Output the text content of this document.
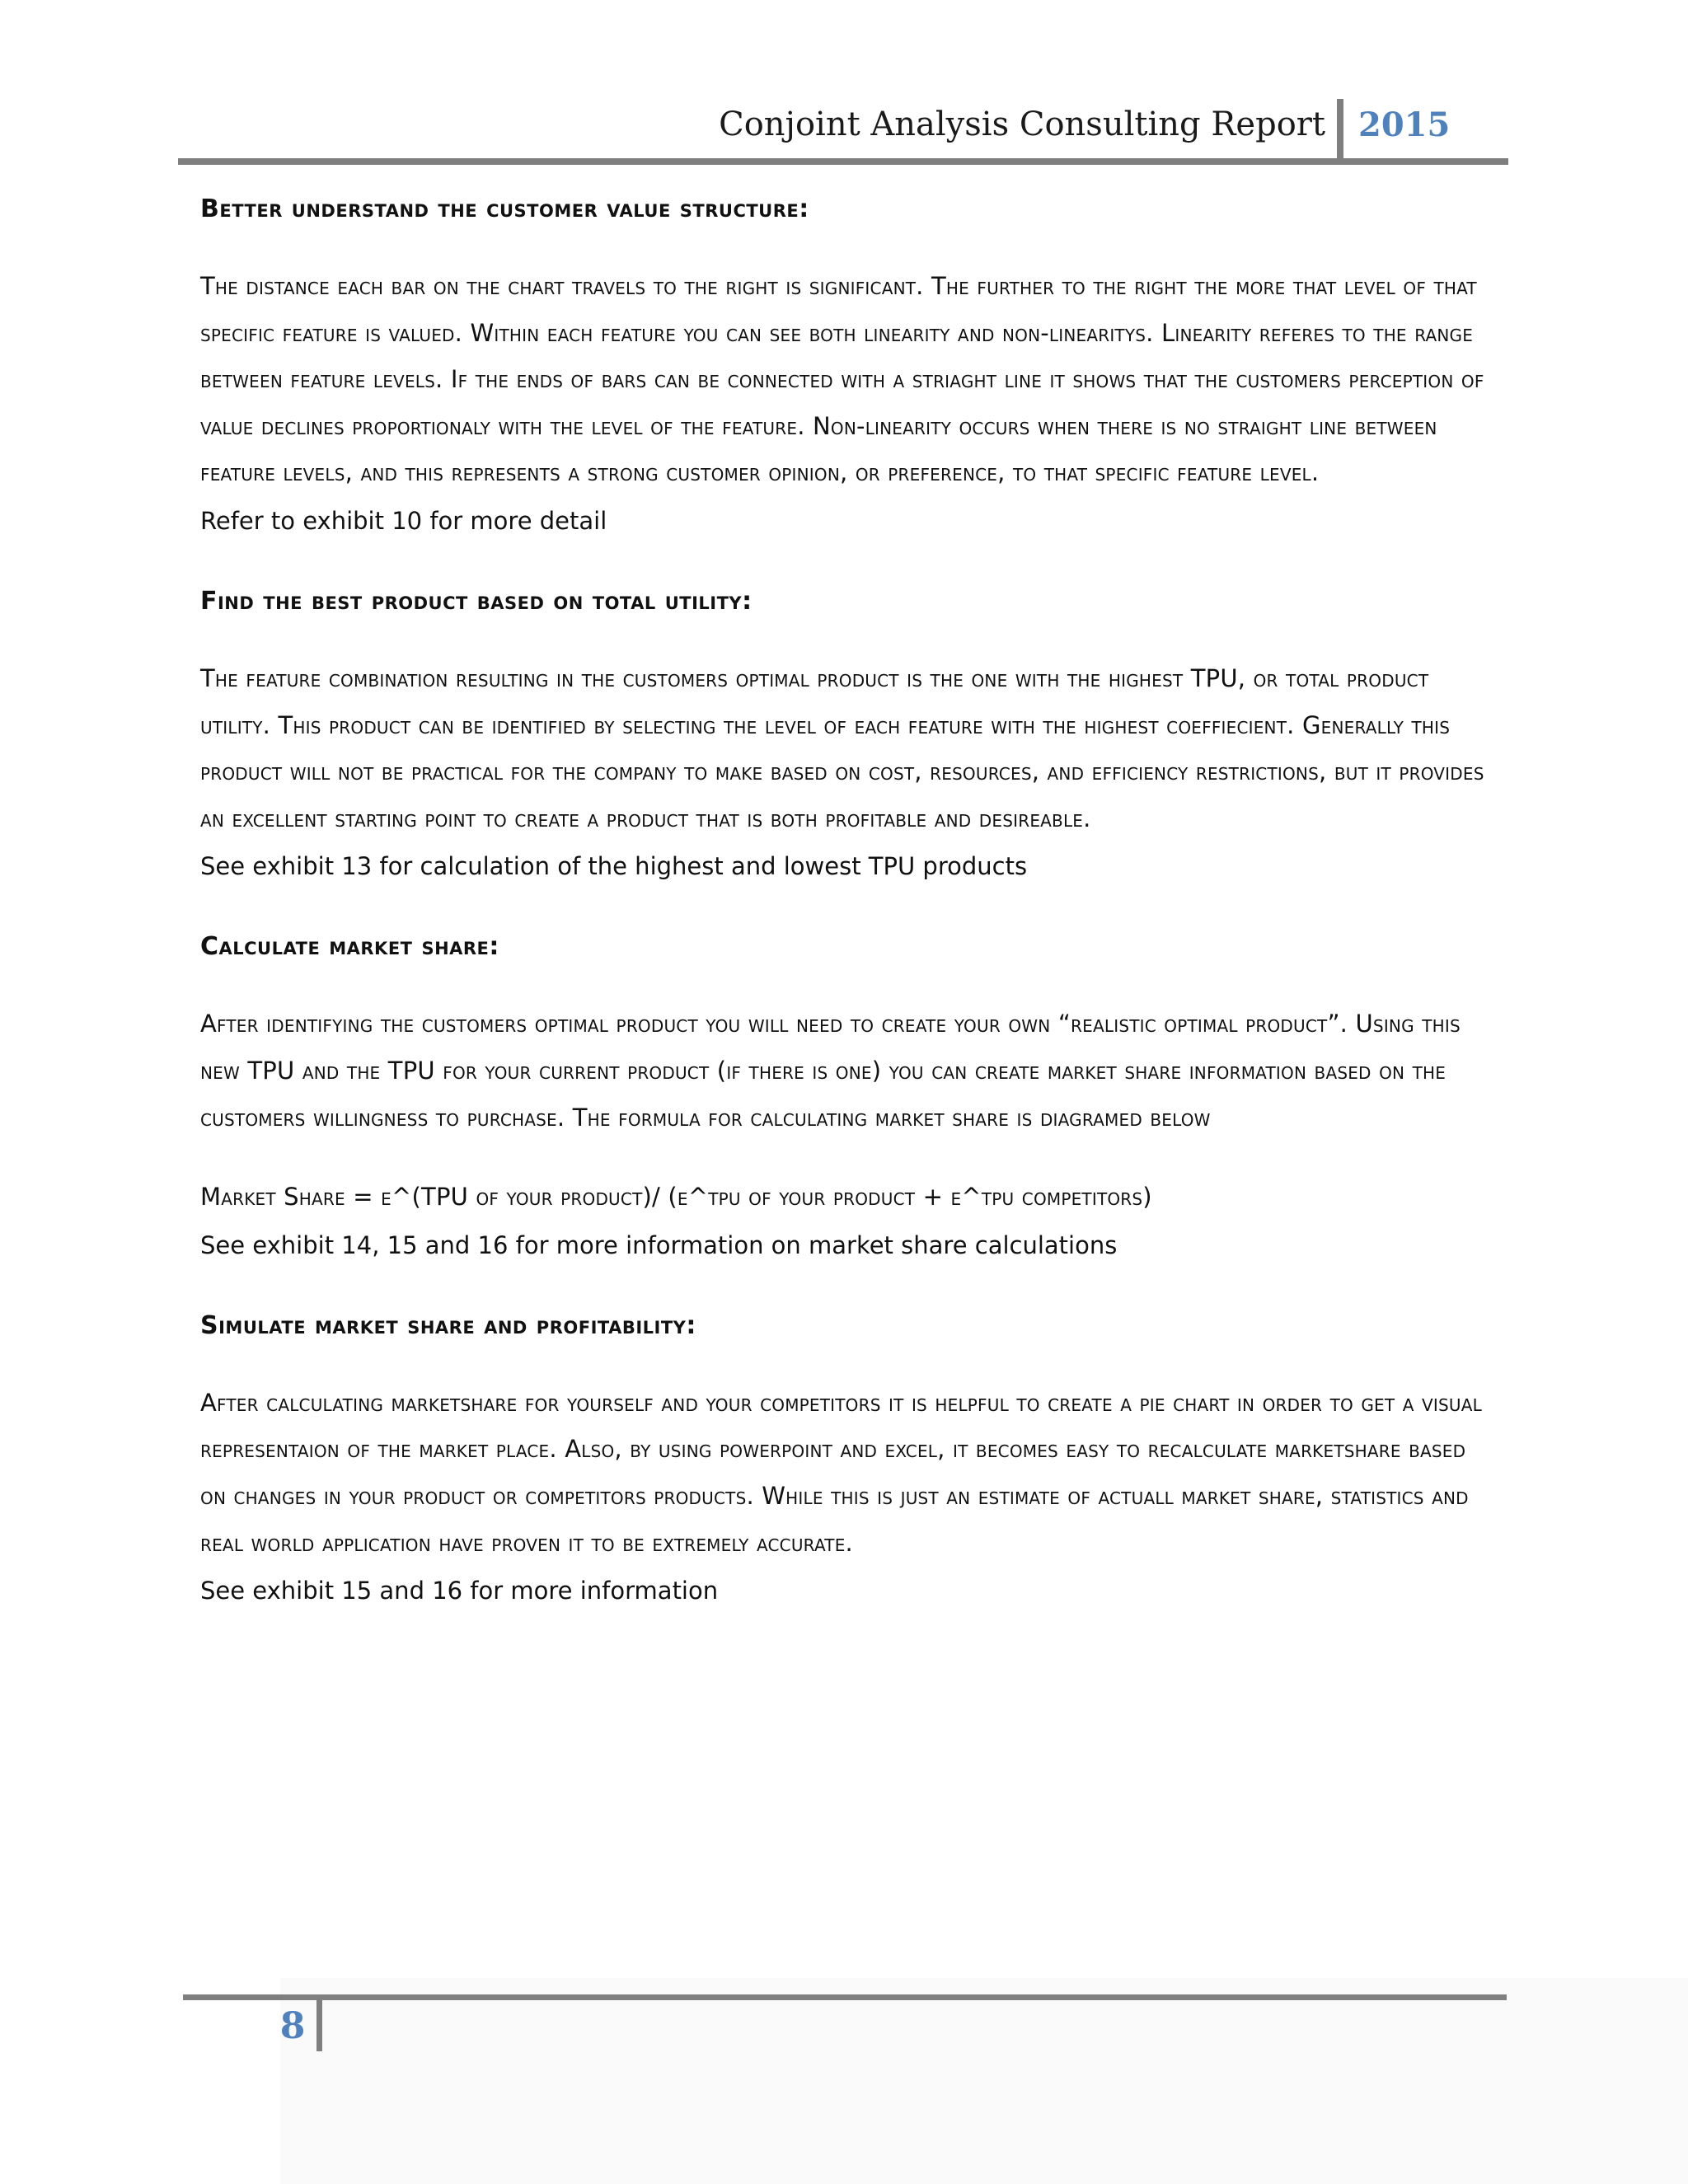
Conjoint Analysis Consulting Report 2015
Better understand the customer value structure:

The distance each bar on the chart travels to the right is significant. The further to the right the more that level of that specific feature is valued. Within each feature you can see both linearity and non-linearitys. Linearity referes to the range between feature levels. If the ends of bars can be connected with a striaght line it shows that the customers perception of value declines proportionaly with the level of the feature. Non-linearity occurs when there is no straight line between feature levels, and this represents a strong customer opinion, or preference, to that specific feature level.

Refer to exhibit 10 for more detail

Find the best product based on total utility:

The feature combination resulting in the customers optimal product is the one with the highest TPU, or total product utility. This product can be identified by selecting the level of each feature with the highest coeffiecient. Generally this product will not be practical for the company to make based on cost, resources, and efficiency restrictions, but it provides an excellent starting point to create a product that is both profitable and desireable.

See exhibit 13 for calculation of the highest and lowest TPU products

Calculate market share:

After identifying the customers optimal product you will need to create your own “realistic optimal product”. Using this new TPU and the TPU for your current product (if there is one) you can create market share information based on the customers willingness to purchase. The formula for calculating market share is diagramed below

Market Share = e^(TPU of your product)/ (e^tpu of your product + e^tpu competitors)

See exhibit 14, 15 and 16 for more information on market share calculations

Simulate market share and profitability:

After calculating marketshare for yourself and your competitors it is helpful to create a pie chart in order to get a visual representaion of the market place. Also, by using powerpoint and excel, it becomes easy to recalculate marketshare based on changes in your product or competitors products. While this is just an estimate of actuall market share, statistics and real world application have proven it to be extremely accurate.

See exhibit 15 and 16 for more information

8
